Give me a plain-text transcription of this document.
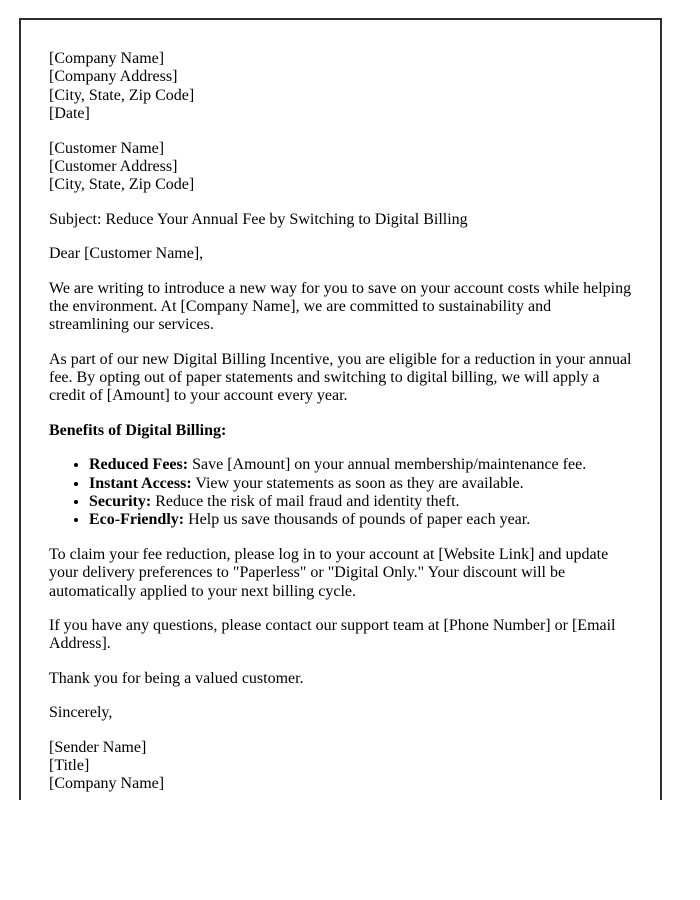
[Company Name]
[Company Address]
[City, State, Zip Code]
[Date]

[Customer Name]
[Customer Address]
[City, State, Zip Code]

Subject: Reduce Your Annual Fee by Switching to Digital Billing

Dear [Customer Name],

We are writing to introduce a new way for you to save on your account costs while helping the environment. At [Company Name], we are committed to sustainability and streamlining our services.

As part of our new Digital Billing Incentive, you are eligible for a reduction in your annual fee. By opting out of paper statements and switching to digital billing, we will apply a credit of [Amount] to your account every year.

Benefits of Digital Billing:

• Reduced Fees: Save [Amount] on your annual membership/maintenance fee.
• Instant Access: View your statements as soon as they are available.
• Security: Reduce the risk of mail fraud and identity theft.
• Eco-Friendly: Help us save thousands of pounds of paper each year.

To claim your fee reduction, please log in to your account at [Website Link] and update your delivery preferences to "Paperless" or "Digital Only." Your discount will be automatically applied to your next billing cycle.

If you have any questions, please contact our support team at [Phone Number] or [Email Address].

Thank you for being a valued customer.

Sincerely,

[Sender Name]
[Title]
[Company Name]
